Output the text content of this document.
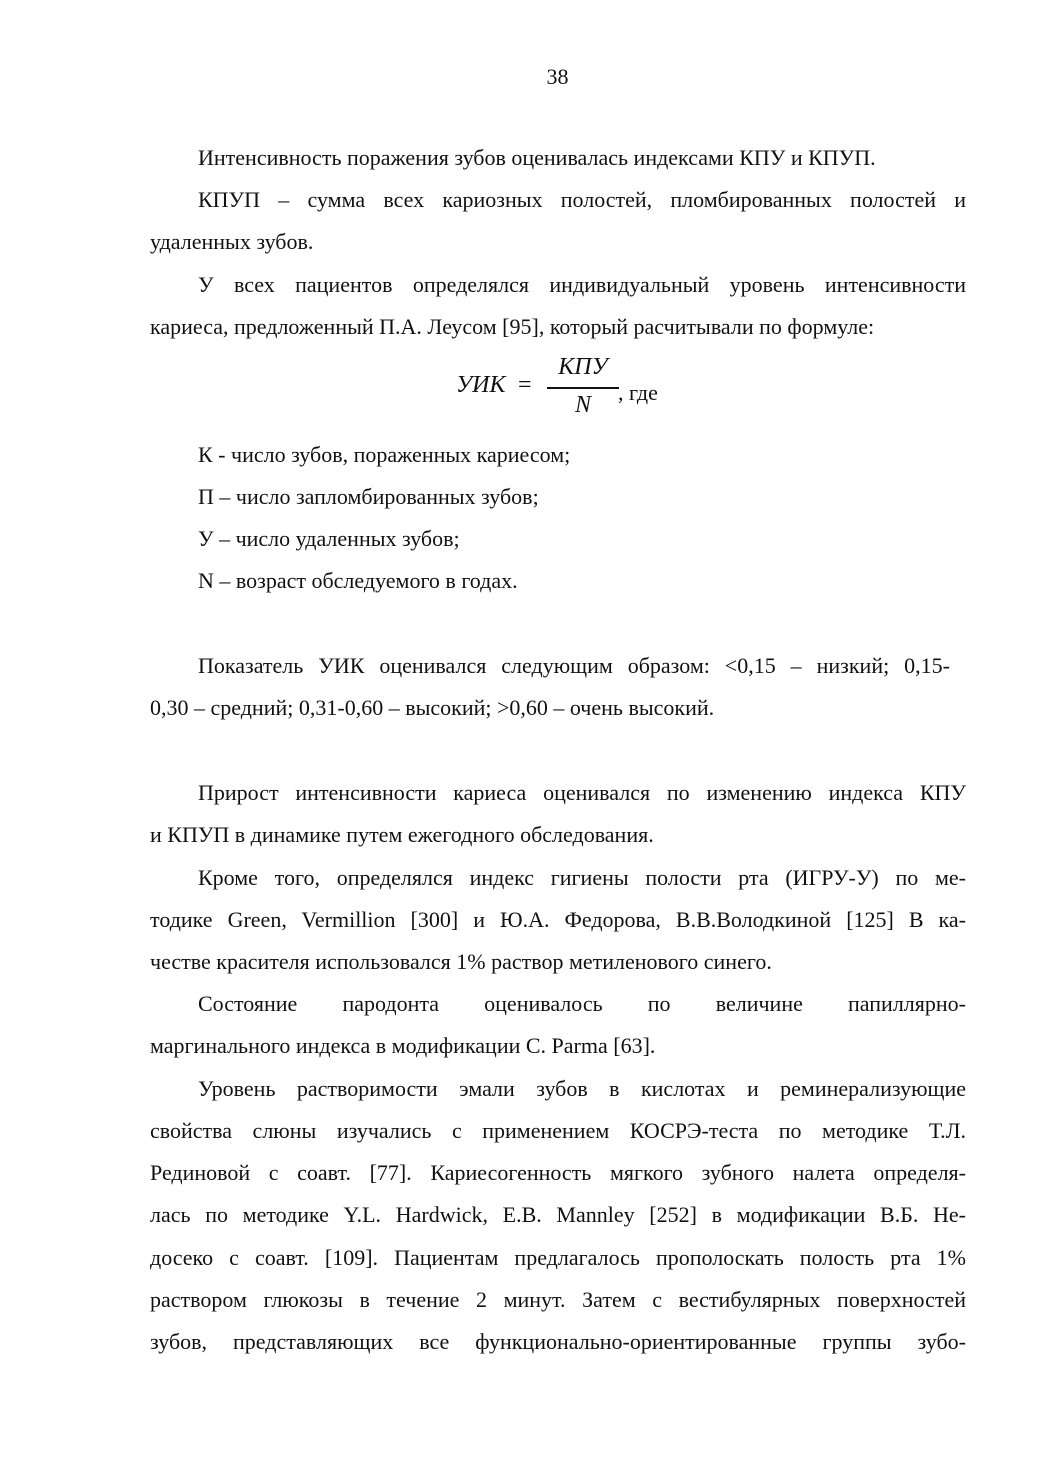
38
Интенсивность поражения зубов оценивалась индексами КПУ и КПУП.
КПУП – сумма всех кариозных полостей, пломбированных полостей и
удаленных зубов.
У всех пациентов определялся индивидуальный уровень интенсивности
кариеса, предложенный П.А. Леусом [95], который расчитывали по формуле:
УИК =
КПУ
N	, где
К - число зубов, пораженных кариесом;
П – число запломбированных зубов;
У – число удаленных зубов;
N – возраст обследуемого в годах.
Показатель УИК оценивался следующим образом: <0,15 – низкий; 0,15-
0,30 – средний; 0,31-0,60 – высокий; >0,60 – очень высокий.
Прирост интенсивности кариеса оценивался по изменению индекса КПУ
и КПУП в динамике путем ежегодного обследования.
Кроме того, определялся индекс гигиены полости рта (ИГРУ-У) по ме-
тодике Green, Vermillion [300] и Ю.А. Федорова, В.В.Володкиной [125] В ка-
честве красителя использовался 1% раствор метиленового синего.
Состояние пародонта оценивалось по величине папиллярно-
маргинального индекса в модификации С. Parma [63].
Уровень растворимости эмали зубов в кислотах и реминерализующие
свойства слюны изучались с применением КОСРЭ-теста по методике Т.Л.
Рединовой с соавт. [77]. Кариесогенность мягкого зубного налета определя-
лась по методике Y.L. Hardwick, E.B. Mannley [252] в модификации В.Б. Не-
досеко с соавт. [109]. Пациентам предлагалось прополоскать полость рта 1%
раствором глюкозы в течение 2 минут. Затем с вестибулярных поверхностей
зубов, представляющих все функционально-ориентированные группы зубо-
